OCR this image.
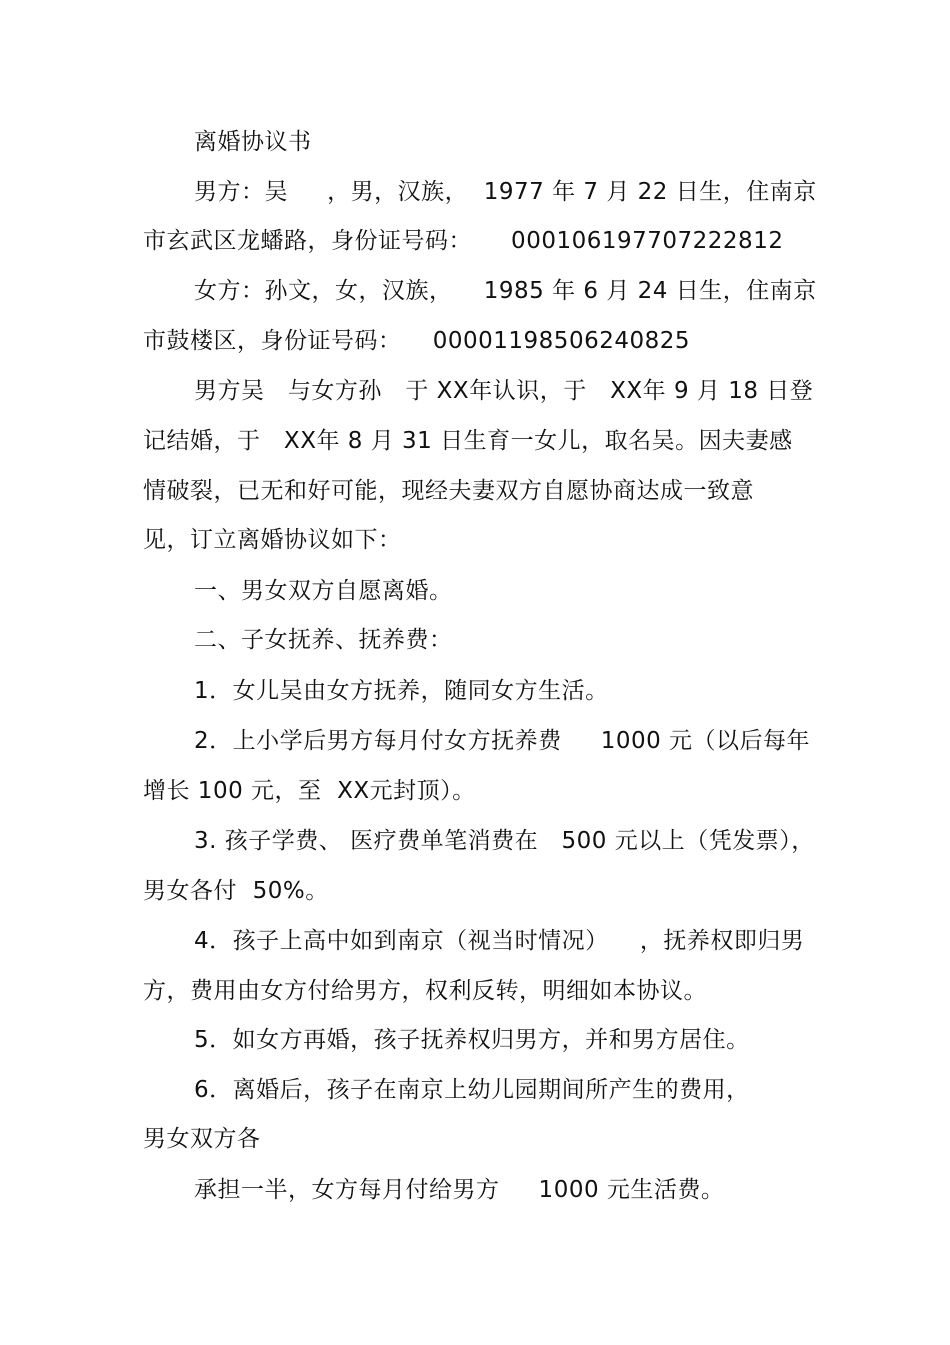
离婚协议书
男方：吴　  ，男，汉族，  1977 年 7 月 22 日生，住南京
市玄武区龙蟠路，身份证号码：     000106197707222812
女方：孙文，女，汉族，    1985 年 6 月 24 日生，住南京
市鼓楼区，身份证号码：    00001198506240825
男方吴   与女方孙   于 XX年认识，于   XX年 9 月 18 日登
记结婚，于   XX年 8 月 31 日生育一女儿，取名吴。因夫妻感
情破裂，已无和好可能，现经夫妻双方自愿协商达成一致意
见，订立离婚协议如下：
一、男女双方自愿离婚。
二、子女抚养、抚养费：
1．女儿吴由女方抚养，随同女方生活。
2．上小学后男方每月付女方抚养费     1000 元（以后每年
增长 100 元，至  XX元封顶）。
3. 孩子学费、 医疗费单笔消费在   500 元以上（凭发票），
男女各付  50%。
4．孩子上高中如到南京（视当时情况）    ，抚养权即归男
方，费用由女方付给男方，权利反转，明细如本协议。
5．如女方再婚，孩子抚养权归男方，并和男方居住。
6．离婚后，孩子在南京上幼儿园期间所产生的费用，
男女双方各
承担一半，女方每月付给男方     1000 元生活费。
